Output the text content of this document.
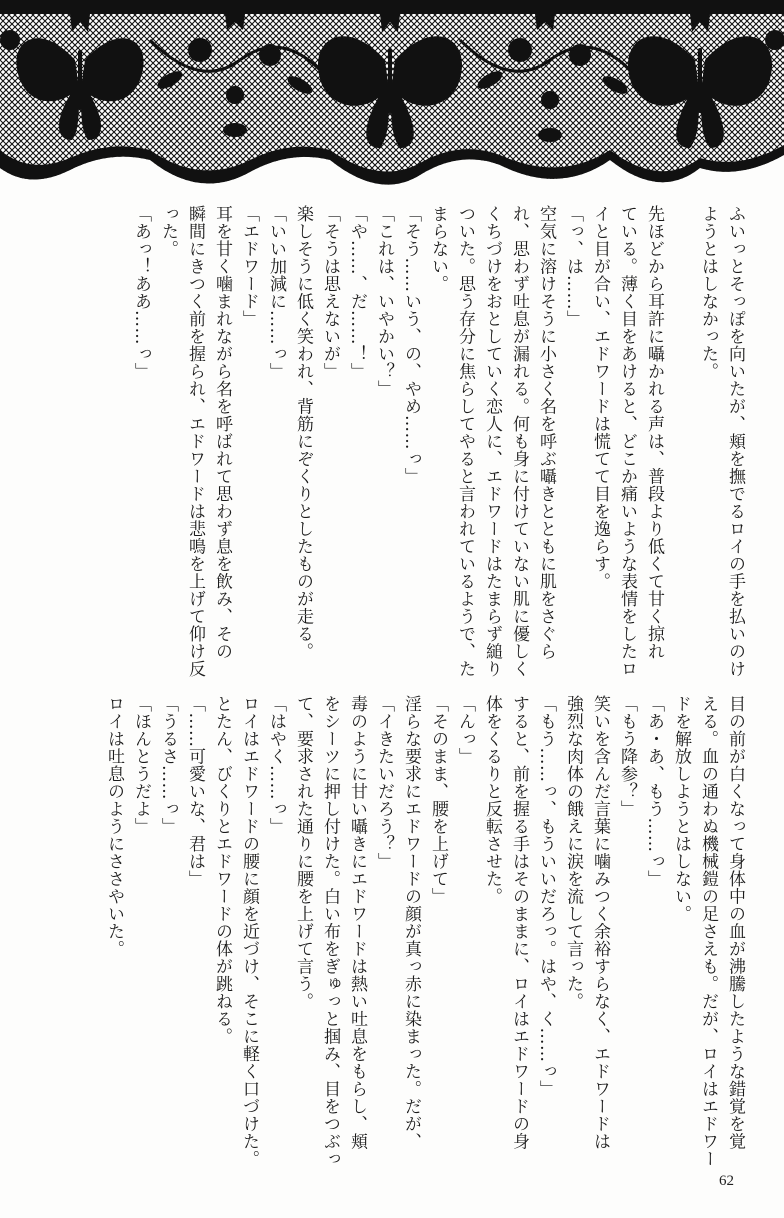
ふいっとそっぽを向いたが、頬を撫でるロイの手を払いのけ
ようとはしなかった。

先ほどから耳許に囁かれる声は、普段より低くて甘く掠れ
ている。薄く目をあけると、どこか痛いような表情をしたロ
イと目が合い、エドワードは慌てて目を逸らす。
「っ、は……」
空気に溶けそうに小さく名を呼ぶ囁きとともに肌をさぐら
れ、思わず吐息が漏れる。何も身に付けていない肌に優しく
くちづけをおとしていく恋人に、エドワードはたまらず縋り
ついた。思う存分に焦らしてやると言われているようで、た
まらない。
「そう……いう、の、やめ……っ」
「これは、いやかい？」
「や……、だ……！」
「そうは思えないが」
楽しそうに低く笑われ、背筋にぞくりとしたものが走る。
「いい加減に……っ」
「エドワード」
耳を甘く噛まれながら名を呼ばれて思わず息を飲み、その
瞬間にきつく前を握られ、エドワードは悲鳴を上げて仰け反
った。
「あっ！ああ……っ」
目の前が白くなって身体中の血が沸騰したような錯覚を覚
える。血の通わぬ機械鎧の足さえも。だが、ロイはエドワー
ドを解放しようとはしない。
「あ・あ、もう……っ」
「もう降参？」
笑いを含んだ言葉に噛みつく余裕すらなく、エドワードは
強烈な肉体の餓えに涙を流して言った。
「もう……っ、もういいだろっ。はや、く……っ」
すると、前を握る手はそのままに、ロイはエドワードの身
体をくるりと反転させた。
「んっ」
「そのまま、腰を上げて」
淫らな要求にエドワードの顔が真っ赤に染まった。だが、
「イきたいだろう？」
毒のように甘い囁きにエドワードは熱い吐息をもらし、頬
をシーツに押し付けた。白い布をぎゅっと掴み、目をつぶっ
て、要求された通りに腰を上げて言う。
「はやく……っ」
ロイはエドワードの腰に顔を近づけ、そこに軽く口づけた。
とたん、びくりとエドワードの体が跳ねる。
「……可愛いな、君は」
「うるさ……っ」
「ほんとうだよ」
ロイは吐息のようにささやいた。
62
